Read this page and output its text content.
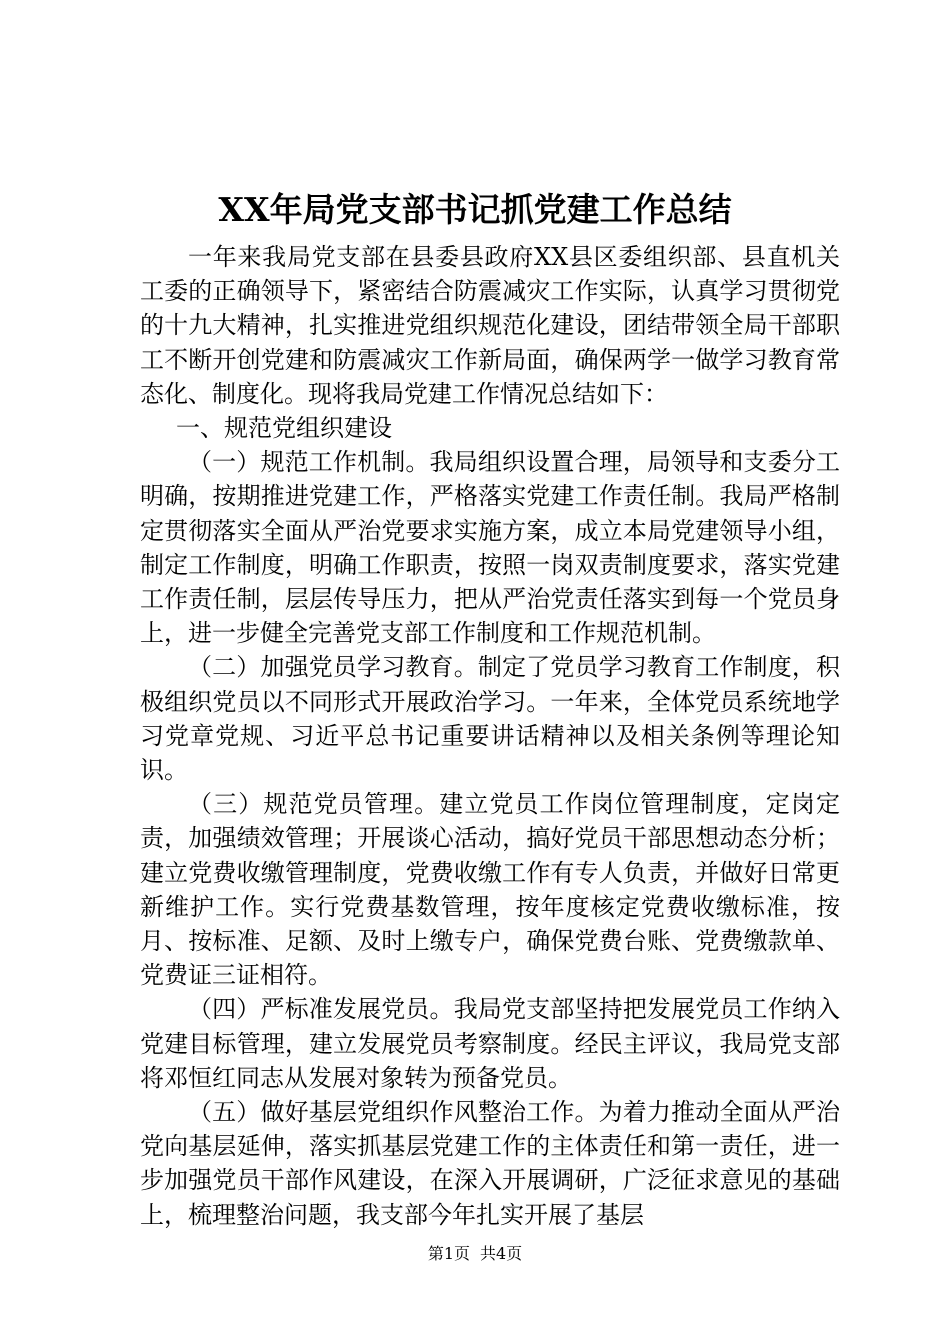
XX年局党支部书记抓党建工作总结

一年来我局党支部在县委县政府XX县区委组织部、县直机关工委的正确领导下，紧密结合防震减灾工作实际，认真学习贯彻党的十九大精神，扎实推进党组织规范化建设，团结带领全局干部职工不断开创党建和防震减灾工作新局面，确保两学一做学习教育常态化、制度化。现将我局党建工作情况总结如下：

一、规范党组织建设

（一）规范工作机制。我局组织设置合理，局领导和支委分工明确，按期推进党建工作，严格落实党建工作责任制。我局严格制定贯彻落实全面从严治党要求实施方案，成立本局党建领导小组，制定工作制度，明确工作职责，按照一岗双责制度要求，落实党建工作责任制，层层传导压力，把从严治党责任落实到每一个党员身上，进一步健全完善党支部工作制度和工作规范机制。

（二）加强党员学习教育。制定了党员学习教育工作制度，积极组织党员以不同形式开展政治学习。一年来，全体党员系统地学习党章党规、习近平总书记重要讲话精神以及相关条例等理论知识。

（三）规范党员管理。建立党员工作岗位管理制度，定岗定责，加强绩效管理；开展谈心活动，搞好党员干部思想动态分析；建立党费收缴管理制度，党费收缴工作有专人负责，并做好日常更新维护工作。实行党费基数管理，按年度核定党费收缴标准，按月、按标准、足额、及时上缴专户，确保党费台账、党费缴款单、党费证三证相符。

（四）严标准发展党员。我局党支部坚持把发展党员工作纳入党建目标管理，建立发展党员考察制度。经民主评议，我局党支部将邓恒红同志从发展对象转为预备党员。

（五）做好基层党组织作风整治工作。为着力推动全面从严治党向基层延伸，落实抓基层党建工作的主体责任和第一责任，进一步加强党员干部作风建设，在深入开展调研，广泛征求意见的基础上，梳理整治问题，我支部今年扎实开展了基层

第1页 共4页
